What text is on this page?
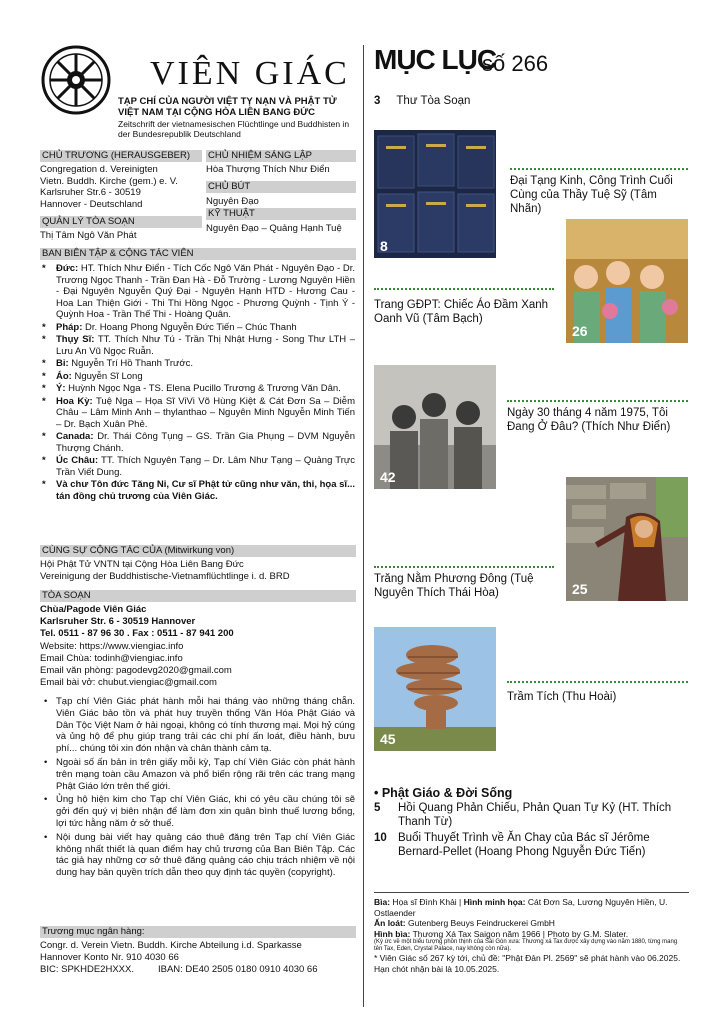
VIÊN GIÁC
TẠP CHÍ CỦA NGƯỜI VIỆT TỴ NẠN VÀ PHẬT TỬ VIỆT NAM TẠI CỘNG HÒA LIÊN BANG ĐỨC
Zeitschrift der vietnamesischen Flüchtlinge und Buddhisten in der Bundesrepublik Deutschland
CHỦ TRƯƠNG (HERAUSGEBER)
Congregation d. Vereinigten
Vietn. Buddh. Kirche (gem.) e. V.
Karlsruher Str.6 - 30519
Hannover - Deutschland
QUẢN LÝ TÒA SOẠN
Thị Tâm Ngô Văn Phát
CHỦ NHIỆM SÁNG LẬP
Hòa Thượng Thích Như Điển
CHỦ BÚT
Nguyên Đạo
KỸ THUẬT
Nguyên Đạo – Quảng Hạnh Tuệ
BAN BIÊN TẬP & CỘNG TÁC VIÊN
* Đức: HT. Thích Như Điển - Tích Cốc Ngô Văn Phát - Nguyên Đạo - Dr. Trương Ngọc Thanh - Trần Đan Hà - Đỗ Trường - Lương Nguyên Hiền - Đại Nguyên Nguyễn Quý Đại - Nguyên Hạnh HTD - Hương Cau - Hoa Lan Thiện Giới - Thi Thi Hồng Ngọc - Phương Quỳnh - Tịnh Ý - Quỳnh Hoa - Trần Thế Thi - Hoàng Quân.
* Pháp: Dr. Hoang Phong Nguyễn Đức Tiến – Chúc Thanh
* Thụy Sĩ: TT. Thích Như Tú - Trần Thị Nhật Hưng - Song Thư LTH – Lưu An Vũ Ngọc Ruẫn.
* Bỉ: Nguyễn Trí Hồ Thanh Trước.
* Áo: Nguyễn Sĩ Long
* Ý: Huỳnh Ngọc Nga - TS. Elena Pucillo Trương & Trương Văn Dân.
* Hoa Kỳ: Tuệ Nga – Họa Sĩ ViVi Võ Hùng Kiệt & Cát Đơn Sa – Diễm Châu – Lâm Minh Anh – thylanthao – Nguyên Minh Nguyễn Minh Tiến – Dr. Bạch Xuân Phẻ.
* Canada: Dr. Thái Công Tụng – GS. Trần Gia Phụng – DVM Nguyễn Thượng Chánh.
* Úc Châu: TT. Thích Nguyên Tạng – Dr. Lâm Như Tạng – Quảng Trực Trần Viết Dung.
* Và chư Tôn đức Tăng Ni, Cư sĩ Phật tử cũng như văn, thi, họa sĩ... tán đồng chủ trương của Viên Giác.
CÙNG SỰ CỘNG TÁC CỦA (Mitwirkung von)
Hội Phật Tử VNTN tại Cộng Hòa Liên Bang Đức
Vereinigung der Buddhistische-Vietnamflüchtlinge i. d. BRD
TÒA SOẠN
Chùa/Pagode Viên Giác
Karlsruher Str. 6 - 30519 Hannover
Tel. 0511 - 87 96 30 . Fax : 0511 - 87 941 200
Website: https://www.viengiac.info
Email Chùa: todinh@viengiac.info
Email văn phòng: pagodevg2020@gmail.com
Email bài vở: chubut.viengiac@gmail.com
• Tạp chí Viên Giác phát hành mỗi hai tháng vào những tháng chẵn. Viên Giác bảo tồn và phát huy truyền thống Văn Hóa Phật Giáo và Dân Tộc Việt Nam ở hải ngoại, không có tính thương mại. Mọi hỷ cúng và ủng hộ để phụ giúp trang trải các chi phí ấn loát, điều hành, bưu phí... chúng tôi xin đón nhận và chân thành cảm tạ.
• Ngoài số ấn bản in trên giấy mỗi kỳ, Tạp chí Viên Giác còn phát hành trên mạng toàn cầu Amazon và phổ biến rộng rãi trên các trang mạng Phật Giáo lớn trên thế giới.
• Ủng hộ hiện kim cho Tạp chí Viên Giác, khi có yêu cầu chúng tôi sẽ gởi đến quý vị biên nhận để làm đơn xin quân bình thuế lương bổng, lợi tức hằng năm ở sở thuế.
• Nội dung bài viết hay quảng cáo thuê đăng trên Tạp chí Viên Giác không nhất thiết là quan điểm hay chủ trương của Ban Biên Tập. Các tác giả hay những cơ sở thuê đăng quảng cáo chịu trách nhiệm về nội dung hay bản quyền trích dẫn theo quy định tác quyền (copyright).
Trương mục ngân hàng:
Congr. d. Verein Vietn. Buddh. Kirche Abteilung i.d. Sparkasse
Hannover Konto Nr. 910 4030 66
BIC: SPKHDE2HXXX.	IBAN: DE40 2505 0180 0910 4030 66
MỤC LỤC
số 266
3 Thư Tòa Soạn
8
Đại Tạng Kinh, Công Trình Cuối Cùng của Thầy Tuệ Sỹ (Tâm Nhãn)
26
Trang GĐPT: Chiếc Áo Đầm Xanh Oanh Vũ (Tâm Bạch)
42
Ngày 30 tháng 4 năm 1975, Tôi Đang Ở Đâu? (Thích Như Điển)
25
Trăng Nằm Phương Đông (Tuệ Nguyên Thích Thái Hòa)
45
Trầm Tích (Thu Hoài)
• Phật Giáo & Đời Sống
5 Hồi Quang Phản Chiếu, Phản Quan Tự Kỷ (HT. Thích Thanh Từ)
10 Buổi Thuyết Trình về Ăn Chay của Bác sĩ Jérôme Bernard-Pellet (Hoang Phong Nguyễn Đức Tiến)
Bìa: Họa sĩ Đình Khải | Hình minh họa: Cát Đơn Sa, Lương Nguyên Hiền, U. Ostlaender
Ấn loát: Gutenberg Beuys Feindruckerei GmbH
Hình bìa: Thương Xá Tax Saigon năm 1966 | Photo by G.M. Slater.
(Ký ức về một biểu tượng phồn thịnh của Sài Gòn xưa: Thương xá Tax được xây dựng vào năm 1880, từng mang tên Tax, Eden, Crystal Palace, nay không còn nữa).
* Viên Giác số 267 kỳ tới, chủ đề: "Phật Đản Pl. 2569" sẽ phát hành vào 06.2025. Hạn chót nhận bài là 10.05.2025.
